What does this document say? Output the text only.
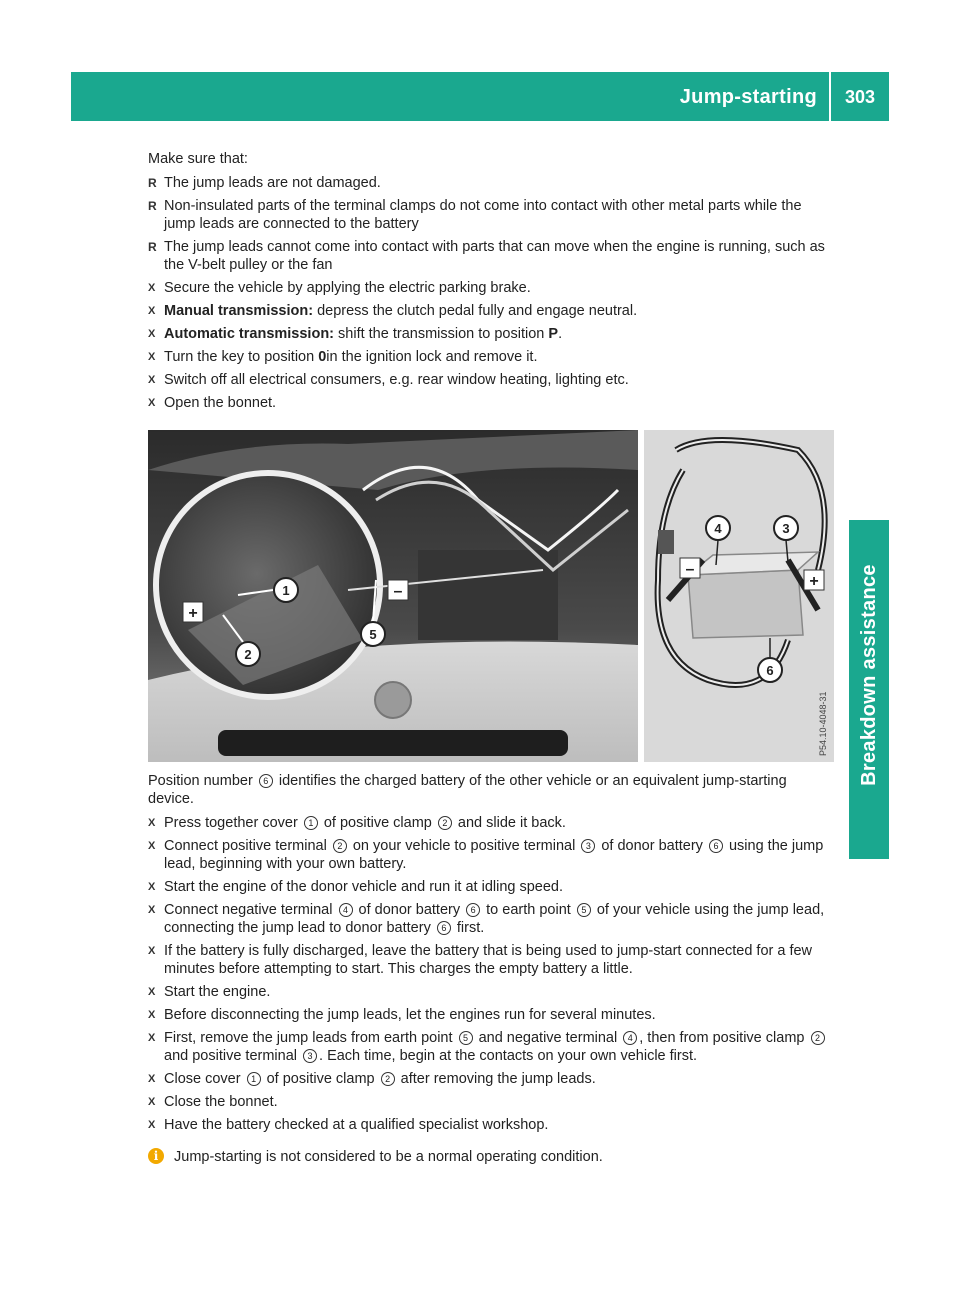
Jump-starting	303
Breakdown assistance

Make sure that:

R The jump leads are not damaged.
R Non-insulated parts of the terminal clamps do not come into contact with other metal parts while the jump leads are connected to the battery
R The jump leads cannot come into contact with parts that can move when the engine is running, such as the V-belt pulley or the fan
X Secure the vehicle by applying the electric parking brake.
X Manual transmission: depress the clutch pedal fully and engage neutral.
X Automatic transmission: shift the transmission to position P.
X Turn the key to position 0in the ignition lock and remove it.
X Switch off all electrical consumers, e.g. rear window heating, lighting etc.
X Open the bonnet.
1
2
5
+
–
4	3
6
–
+
P54.10-4048-31

Position number 6 identifies the charged battery of the other vehicle or an equivalent jump-starting device.

X Press together cover 1 of positive clamp 2 and slide it back.
X Connect positive terminal 2 on your vehicle to positive terminal 3 of donor battery 6 using the jump lead, beginning with your own battery.
X Start the engine of the donor vehicle and run it at idling speed.
X Connect negative terminal 4 of donor battery 6 to earth point 5 of your vehicle using the jump lead, connecting the jump lead to donor battery 6 first.
X If the battery is fully discharged, leave the battery that is being used to jump-start connected for a few minutes before attempting to start. This charges the empty battery a little.
X Start the engine.
X Before disconnecting the jump leads, let the engines run for several minutes.
X First, remove the jump leads from earth point 5 and negative terminal 4 , then from positive clamp 2 and positive terminal 3 . Each time, begin at the contacts on your own vehicle first.
X Close cover 1 of positive clamp 2 after removing the jump leads.
X Close the bonnet.
X Have the battery checked at a qualified specialist workshop.
i	Jump-starting is not considered to be a normal operating condition.
